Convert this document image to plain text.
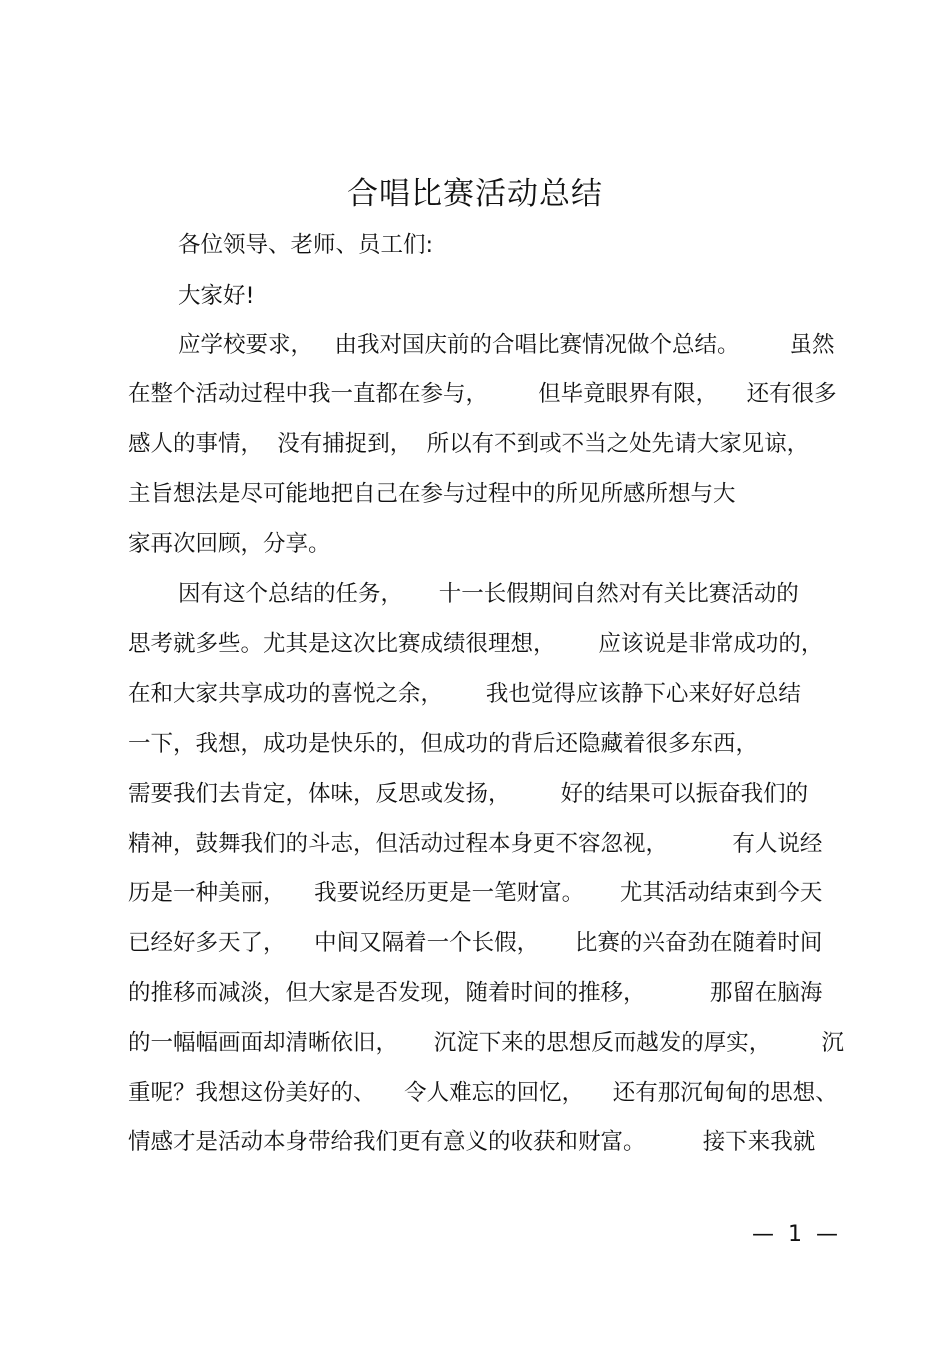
合唱比赛活动总结
各位领导、老师、员工们:
大家好!
应学校要求，   由我对国庆前的合唱比赛情况做个总结。       虽然
在整个活动过程中我一直都在参与，       但毕竟眼界有限，    还有很多
感人的事情，  没有捕捉到，  所以有不到或不当之处先请大家见谅，
主旨想法是尽可能地把自己在参与过程中的所见所感所想与大
家再次回顾，分享。
因有这个总结的任务，     十一长假期间自然对有关比赛活动的
思考就多些。尤其是这次比赛成绩很理想，      应该说是非常成功的，
在和大家共享成功的喜悦之余，      我也觉得应该静下心来好好总结
一下，我想，成功是快乐的，但成功的背后还隐藏着很多东西，
需要我们去肯定，体味，反思或发扬，       好的结果可以振奋我们的
精神，鼓舞我们的斗志，但活动过程本身更不容忽视，         有人说经
历是一种美丽，    我要说经历更是一笔财富。     尤其活动结束到今天
已经好多天了，    中间又隔着一个长假，     比赛的兴奋劲在随着时间
的推移而减淡，但大家是否发现，随着时间的推移，         那留在脑海
的一幅幅画面却清晰依旧，     沉淀下来的思想反而越发的厚实，       沉
重呢？我想这份美好的、    令人难忘的回忆，    还有那沉甸甸的思想、
情感才是活动本身带给我们更有意义的收获和财富。        接下来我就
—  1  —
